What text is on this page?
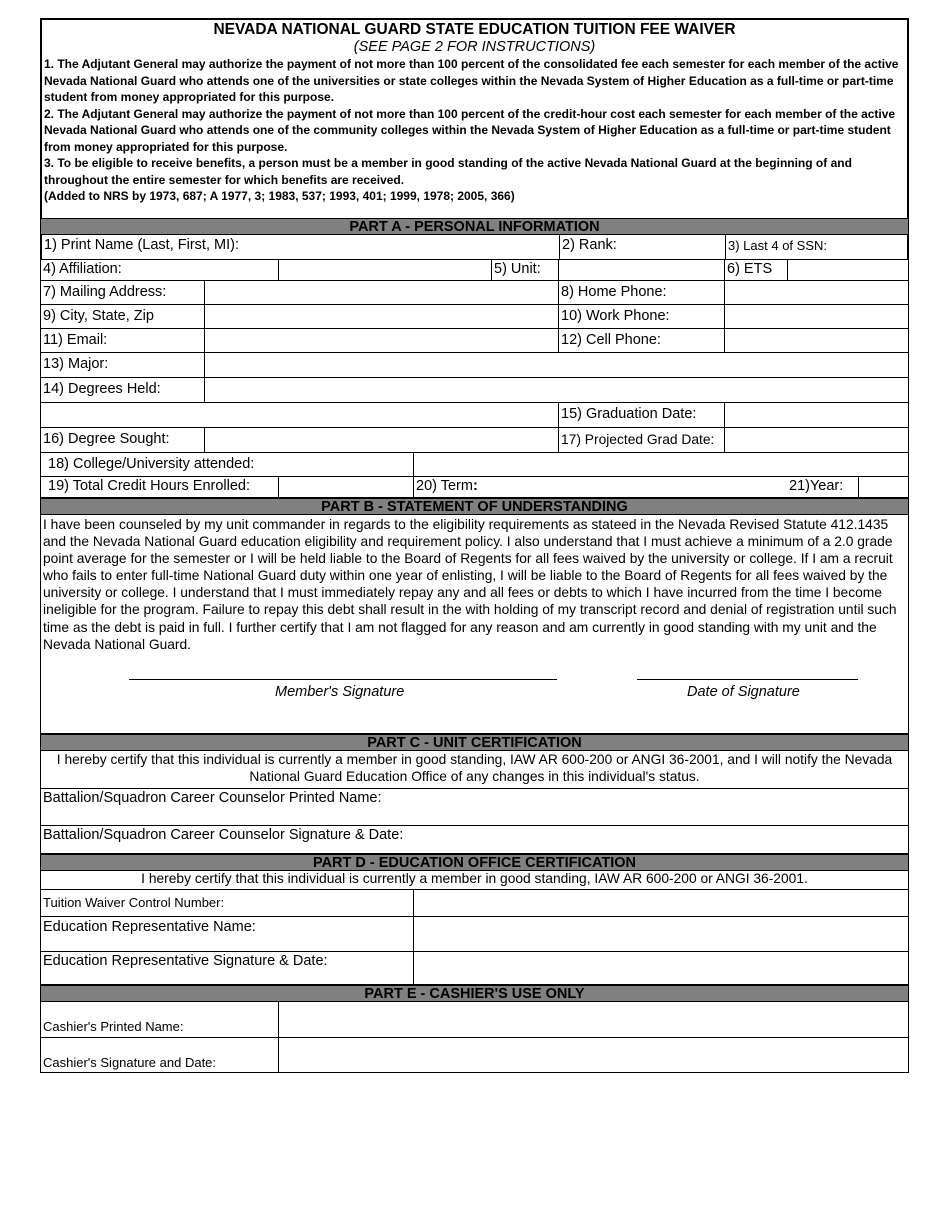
NEVADA NATIONAL GUARD STATE EDUCATION TUITION FEE WAIVER
(SEE PAGE 2 FOR INSTRUCTIONS)

1. The Adjutant General may authorize the payment of not more than 100 percent of the consolidated fee each semester for each member of the active Nevada National Guard who attends one of the universities or state colleges within the Nevada System of Higher Education as a full-time or part-time student from money appropriated for this purpose.

2. The Adjutant General may authorize the payment of not more than 100 percent of the credit-hour cost each semester for each member of the active Nevada National Guard who attends one of the community colleges within the Nevada System of Higher Education as a full-time or part-time student from money appropriated for this purpose.

3. To be eligible to receive benefits, a person must be a member in good standing of the active Nevada National Guard at the beginning of and throughout the entire semester for which benefits are received.

(Added to NRS by 1973, 687; A 1977, 3; 1983, 537; 1993, 401; 1999, 1978; 2005, 366)

PART A - PERSONAL INFORMATION
1) Print Name (Last, First, MI):	2) Rank:	3) Last 4 of SSN:
4) Affiliation:	5) Unit:	6) ETS
7) Mailing Address:	8) Home Phone:
9) City, State, Zip	10) Work Phone:
11) Email:	12) Cell Phone:
13) Major:
14) Degrees Held:
15) Graduation Date:
16) Degree Sought:	17) Projected Grad Date:
18) College/University attended:
19) Total Credit Hours Enrolled:	20) Term:	21)Year:
PART B - STATEMENT OF UNDERSTANDING
I have been counseled by my unit commander in regards to the eligibility requirements as stateed in the Nevada Revised Statute 412.1435 and the Nevada National Guard education eligibility and requirement policy. I also understand that I must achieve a minimum of a 2.0 grade point average for the semester or I will be held liable to the Board of Regents for all fees waived by the university or college. If I am a recruit who fails to enter full-time National Guard duty within one year of enlisting, I will be liable to the Board of Regents for all fees waived by the university or college. I understand that I must immediately repay any and all fees or debts to which I have incurred from the time I become ineligible for the program. Failure to repay this debt shall result in the with holding of my transcript record and denial of registration until such time as the debt is paid in full. I further certify that I am not flagged for any reason and am currently in good standing with my unit and the Nevada National Guard.
Member's Signature	Date of Signature
PART C - UNIT CERTIFICATION
I hereby certify that this individual is currently a member in good standing, IAW AR 600-200 or ANGI 36-2001, and I will notify the Nevada National Guard Education Office of any changes in this individual's status.
Battalion/Squadron Career Counselor Printed Name:
Battalion/Squadron Career Counselor Signature & Date:
PART D - EDUCATION OFFICE CERTIFICATION
I hereby certify that this individual is currently a member in good standing, IAW AR 600-200 or ANGI 36-2001.
Tuition Waiver Control Number:
Education Representative Name:
Education Representative Signature & Date:
PART E - CASHIER'S USE ONLY
Cashier's Printed Name:
Cashier's Signature and Date:
